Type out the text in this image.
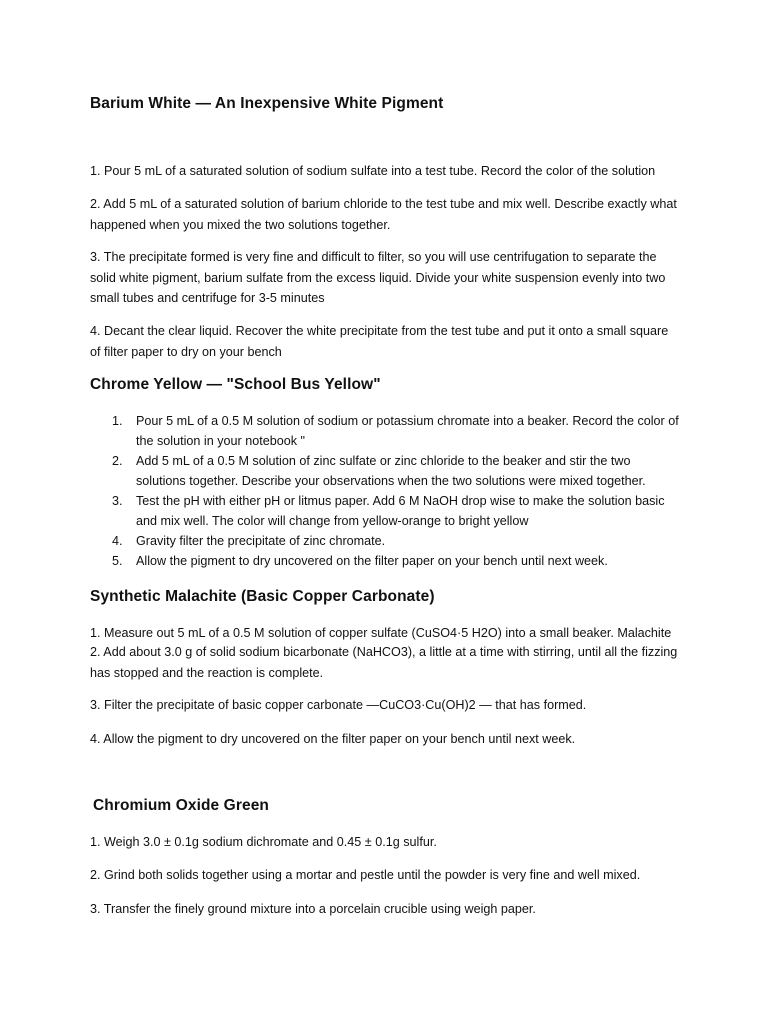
Barium White — An Inexpensive White Pigment

1. Pour 5 mL of a saturated solution of sodium sulfate into a test tube. Record the color of the solution

2. Add 5 mL of a saturated solution of barium chloride to the test tube and mix well. Describe exactly what happened when you mixed the two solutions together.

3. The precipitate formed is very fine and difficult to filter, so you will use centrifugation to separate the solid white pigment, barium sulfate from the excess liquid. Divide your white suspension evenly into two small tubes and centrifuge for 3-5 minutes

4. Decant the clear liquid. Recover the white precipitate from the test tube and put it onto a small square of filter paper to dry on your bench

Chrome Yellow — "School Bus Yellow"
1. Pour 5 mL of a 0.5 M solution of sodium or potassium chromate into a beaker. Record the color of the solution in your notebook "
2. Add 5 mL of a 0.5 M solution of zinc sulfate or zinc chloride to the beaker and stir the two solutions together. Describe your observations when the two solutions were mixed together.
3. Test the pH with either pH or litmus paper. Add 6 M NaOH drop wise to make the solution basic and mix well. The color will change from yellow-orange to bright yellow
4. Gravity filter the precipitate of zinc chromate.
5. Allow the pigment to dry uncovered on the filter paper on your bench until next week.
Synthetic Malachite (Basic Copper Carbonate)

1. Measure out 5 mL of a 0.5 M solution of copper sulfate (CuSO4·5 H2O) into a small beaker. Malachite

2. Add about 3.0 g of solid sodium bicarbonate (NaHCO3), a little at a time with stirring, until all the fizzing has stopped and the reaction is complete.

3. Filter the precipitate of basic copper carbonate —CuCO3·Cu(OH)2 — that has formed.

4. Allow the pigment to dry uncovered on the filter paper on your bench until next week.

Chromium Oxide Green

1. Weigh 3.0 ± 0.1g sodium dichromate and 0.45 ± 0.1g sulfur.

2. Grind both solids together using a mortar and pestle until the powder is very fine and well mixed.

3. Transfer the finely ground mixture into a porcelain crucible using weigh paper.
